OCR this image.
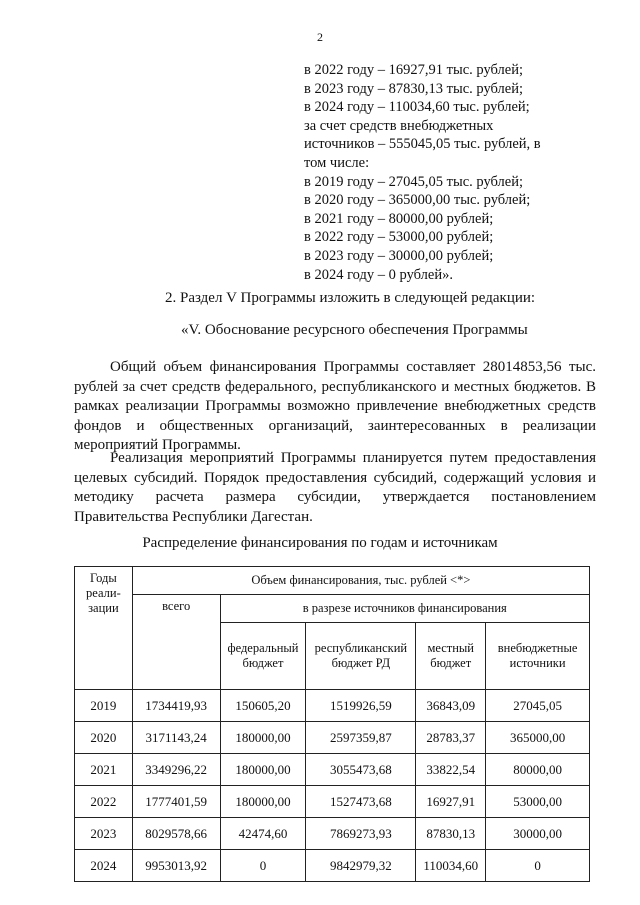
2
в 2022 году – 16927,91 тыс. рублей;
в 2023 году – 87830,13 тыс. рублей;
в 2024 году – 110034,60 тыс. рублей;
за счет средств внебюджетных
источников – 555045,05 тыс. рублей, в
том числе:
в 2019 году – 27045,05 тыс. рублей;
в 2020 году – 365000,00 тыс. рублей;
в 2021 году – 80000,00 рублей;
в 2022 году – 53000,00 рублей;
в 2023 году – 30000,00 рублей;
в 2024 году – 0 рублей».
2. Раздел V Программы изложить в следующей редакции:
«V. Обоснование ресурсного обеспечения Программы

Общий объем финансирования Программы составляет 28014853,56 тыс. рублей за счет средств федерального, республиканского и местных бюджетов. В рамках реализации Программы возможно привлечение внебюджетных средств фондов и общественных организаций, заинтересованных в реализации мероприятий Программы.

Реализация мероприятий Программы планируется путем предоставления целевых субсидий. Порядок предоставления субсидий, содержащий условия и методику расчета размера субсидии, утверждается постановлением Правительства Республики Дагестан.

Распределение финансирования по годам и источникам
Годы реали-зации	Объем финансирования, тыс. рублей <*>				
	всего	в разрезе источников финансирования			
		федеральный бюджет	республиканский бюджет РД	местный бюджет	внебюджетные источники
2019	1734419,93	150605,20	1519926,59	36843,09	27045,05
2020	3171143,24	180000,00	2597359,87	28783,37	365000,00
2021	3349296,22	180000,00	3055473,68	33822,54	80000,00
2022	1777401,59	180000,00	1527473,68	16927,91	53000,00
2023	8029578,66	42474,60	7869273,93	87830,13	30000,00
2024	9953013,92	0	9842979,32	110034,60	0
